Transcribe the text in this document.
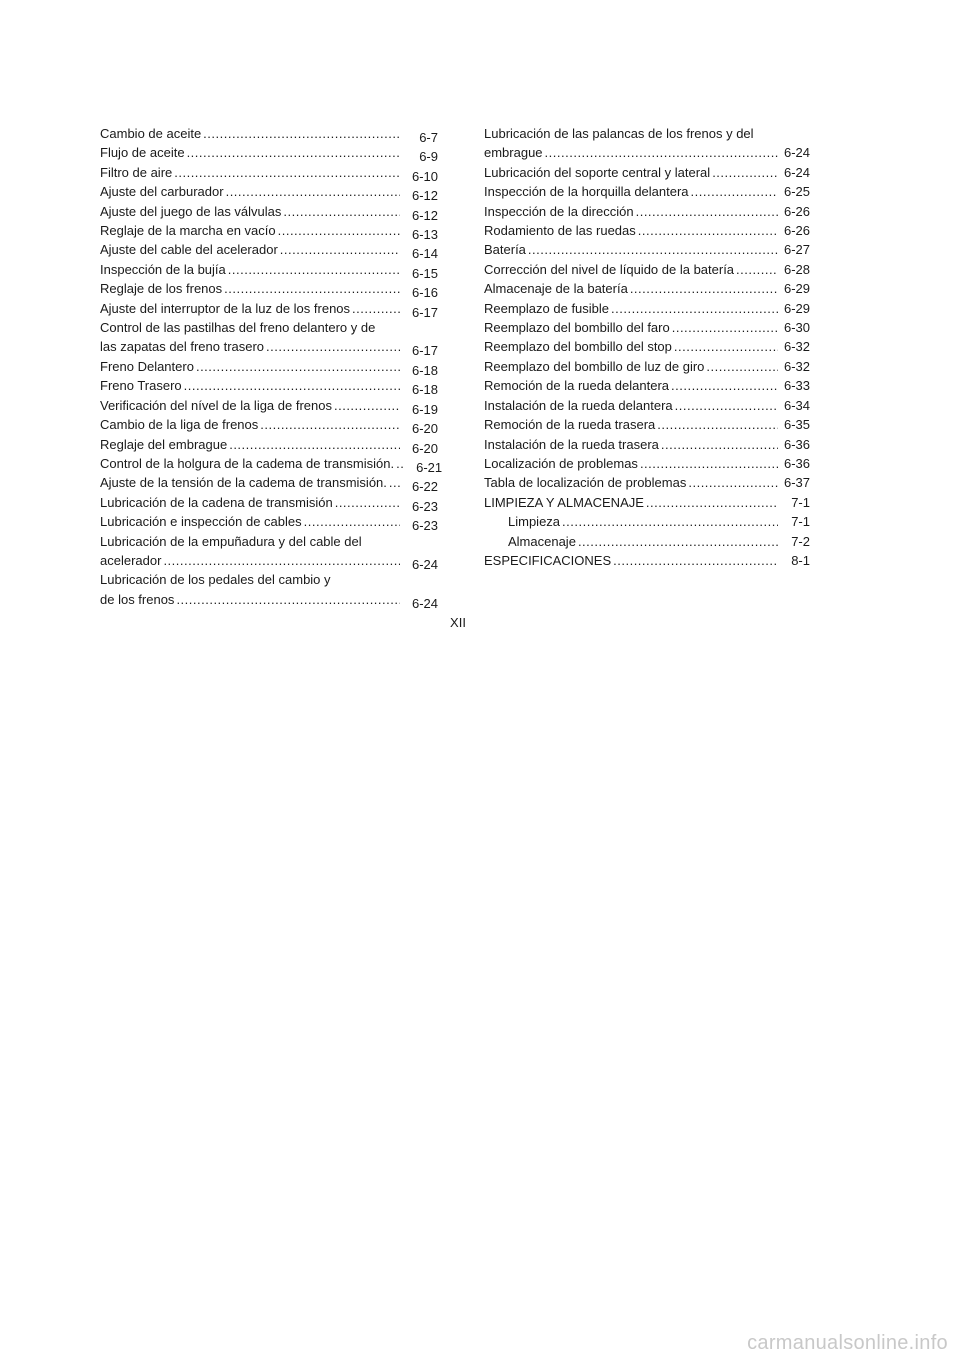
Cambio de aceite .....	6-7
Flujo de aceite .....	6-9
Filtro de aire .....	6-10
Ajuste del carburador .....	6-12
Ajuste del juego de las válvulas .....	6-12
Reglaje de la marcha en vacío .....	6-13
Ajuste del cable del acelerador .....	6-14
Inspección de la bujía .....	6-15
Reglaje de los frenos .....	6-16
Ajuste del interruptor de la luz de los frenos .....	6-17
Control de las pastilhas del freno delantero y de
las zapatas del freno trasero .....	6-17
Freno Delantero .....	6-18
Freno Trasero .....	6-18
Verificación del nível de la liga de frenos .....	6-19
Cambio de la liga de frenos .....	6-20
Reglaje del embrague .....	6-20
Control de la holgura de la cadema de transmisión. .....	6-21
Ajuste de la tensión de la cadema de transmisión. .....	6-22
Lubricación de la cadena de transmisión .....	6-23
Lubricación e inspección de cables .....	6-23
Lubricación de la empuñadura y del cable del
acelerador .....	6-24
Lubricación de los pedales del cambio y
de los frenos .....	6-24
Lubricación de las palancas de los frenos y del
embrague .....	6-24
Lubricación del soporte central y lateral .....	6-24
Inspección de la horquilla delantera .....	6-25
Inspección de la dirección .....	6-26
Rodamiento de las ruedas .....	6-26
Batería .....	6-27
Corrección del nivel de líquido de la batería .....	6-28
Almacenaje de la batería .....	6-29
Reemplazo de fusible .....	6-29
Reemplazo del bombillo del faro .....	6-30
Reemplazo del bombillo del stop .....	6-32
Reemplazo del bombillo de luz de giro .....	6-32
Remoción de la rueda delantera .....	6-33
Instalación de la rueda delantera .....	6-34
Remoción de la rueda trasera .....	6-35
Instalación de la rueda trasera .....	6-36
Localización de problemas .....	6-36
Tabla de localización de problemas .....	6-37
LIMPIEZA Y ALMACENAJE .....	7-1
Limpieza .....	7-1
Almacenaje .....	7-2
ESPECIFICACIONES .....	8-1
XII
carmanualsonline.info
